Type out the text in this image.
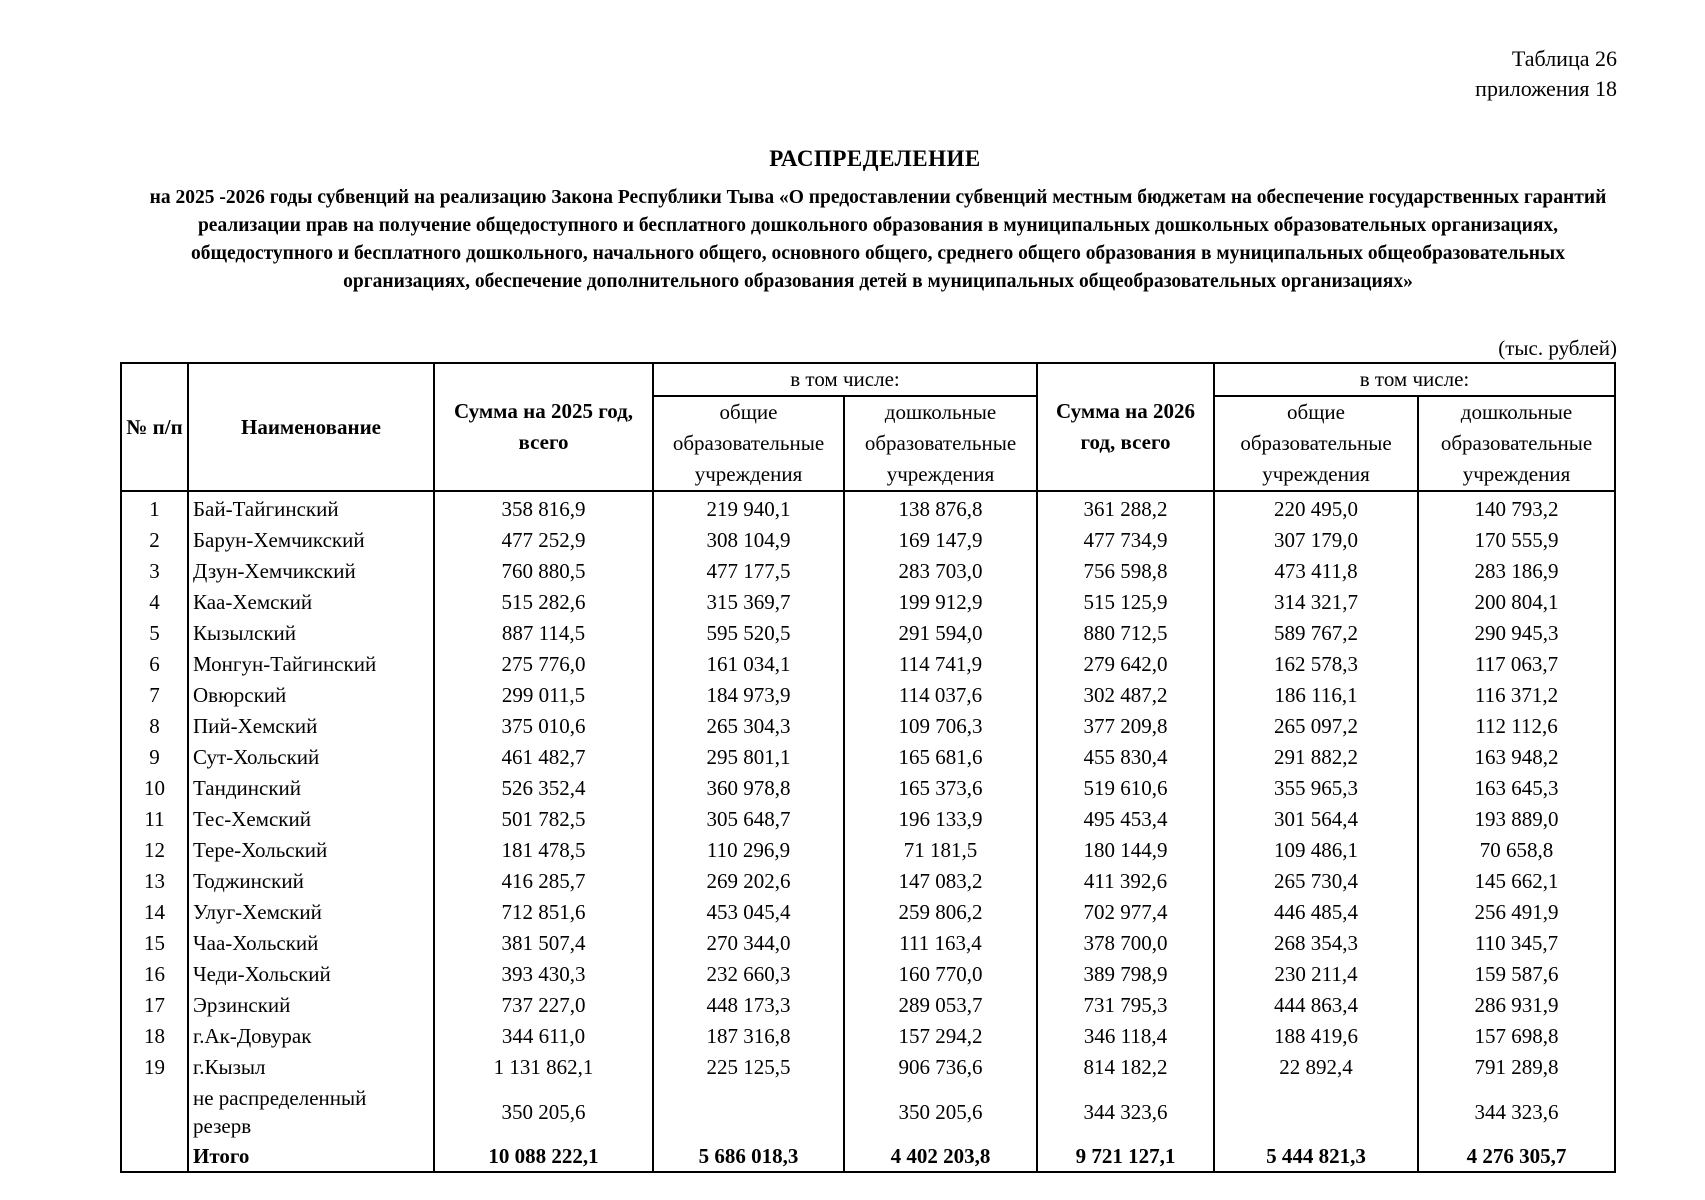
Таблица 26
приложения 18
РАСПРЕДЕЛЕНИЕ
на 2025 -2026 годы субвенций на реализацию Закона Республики Тыва «О предоставлении субвенций местным бюджетам на обеспечение государственных гарантий реализации прав на получение общедоступного и бесплатного дошкольного образования в муниципальных дошкольных образовательных организациях, общедоступного и бесплатного дошкольного, начального общего, основного общего, среднего общего образования в муниципальных общеобразовательных организациях, обеспечение дополнительного образования детей в муниципальных общеобразовательных организациях»
(тыс. рублей)
№ п/п	Наименование	Сумма на 2025 год, всего	в том числе:		Сумма на 2026 год, всего	в том числе:	
			общие образовательные учреждения	дошкольные образовательные учреждения		общие образовательные учреждения	дошкольные образовательные учреждения
1	Бай-Тайгинский	358 816,9	219 940,1	138 876,8	361 288,2	220 495,0	140 793,2
2	Барун-Хемчикский	477 252,9	308 104,9	169 147,9	477 734,9	307 179,0	170 555,9
3	Дзун-Хемчикский	760 880,5	477 177,5	283 703,0	756 598,8	473 411,8	283 186,9
4	Каа-Хемский	515 282,6	315 369,7	199 912,9	515 125,9	314 321,7	200 804,1
5	Кызылский	887 114,5	595 520,5	291 594,0	880 712,5	589 767,2	290 945,3
6	Монгун-Тайгинский	275 776,0	161 034,1	114 741,9	279 642,0	162 578,3	117 063,7
7	Овюрский	299 011,5	184 973,9	114 037,6	302 487,2	186 116,1	116 371,2
8	Пий-Хемский	375 010,6	265 304,3	109 706,3	377 209,8	265 097,2	112 112,6
9	Сут-Хольский	461 482,7	295 801,1	165 681,6	455 830,4	291 882,2	163 948,2
10	Тандинский	526 352,4	360 978,8	165 373,6	519 610,6	355 965,3	163 645,3
11	Тес-Хемский	501 782,5	305 648,7	196 133,9	495 453,4	301 564,4	193 889,0
12	Тере-Хольский	181 478,5	110 296,9	71 181,5	180 144,9	109 486,1	70 658,8
13	Тоджинский	416 285,7	269 202,6	147 083,2	411 392,6	265 730,4	145 662,1
14	Улуг-Хемский	712 851,6	453 045,4	259 806,2	702 977,4	446 485,4	256 491,9
15	Чаа-Хольский	381 507,4	270 344,0	111 163,4	378 700,0	268 354,3	110 345,7
16	Чеди-Хольский	393 430,3	232 660,3	160 770,0	389 798,9	230 211,4	159 587,6
17	Эрзинский	737 227,0	448 173,3	289 053,7	731 795,3	444 863,4	286 931,9
18	г.Ак-Довурак	344 611,0	187 316,8	157 294,2	346 118,4	188 419,6	157 698,8
19	г.Кызыл	1 131 862,1	225 125,5	906 736,6	814 182,2	22 892,4	791 289,8
	не распределенный резерв	350 205,6		350 205,6	344 323,6		344 323,6
	Итого	10 088 222,1	5 686 018,3	4 402 203,8	9 721 127,1	5 444 821,3	4 276 305,7
